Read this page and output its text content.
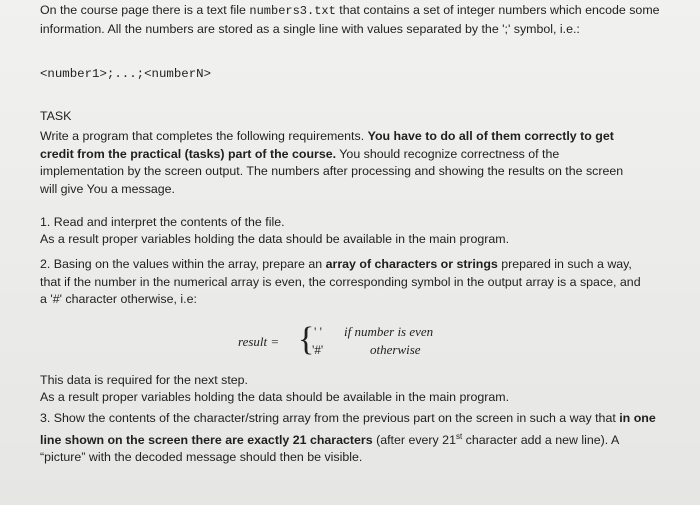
On the course page there is a text file numbers3.txt that contains a set of integer numbers which encode some information. All the numbers are stored as a single line with values separated by the ';' symbol, i.e.:

<number1>;...;<numberN>

TASK

Write a program that completes the following requirements. You have to do all of them correctly to get credit from the practical (tasks) part of the course. You should recognize correctness of the implementation by the screen output. The numbers after processing and showing the results on the screen will give You a message.

1. Read and interpret the contents of the file.

As a result proper variables holding the data should be available in the main program.

2. Basing on the values within the array, prepare an array of characters or strings prepared in such a way, that if the number in the numerical array is even, the corresponding symbol in the output array is a space, and a '#' character otherwise, i.e:

result = { ' ' if number is even
'#'	otherwise

This data is required for the next step.

As a result proper variables holding the data should be available in the main program.

3. Show the contents of the character/string array from the previous part on the screen in such a way that in one line shown on the screen there are exactly 21 characters (after every 21st character add a new line). A “picture” with the decoded message should then be visible.
